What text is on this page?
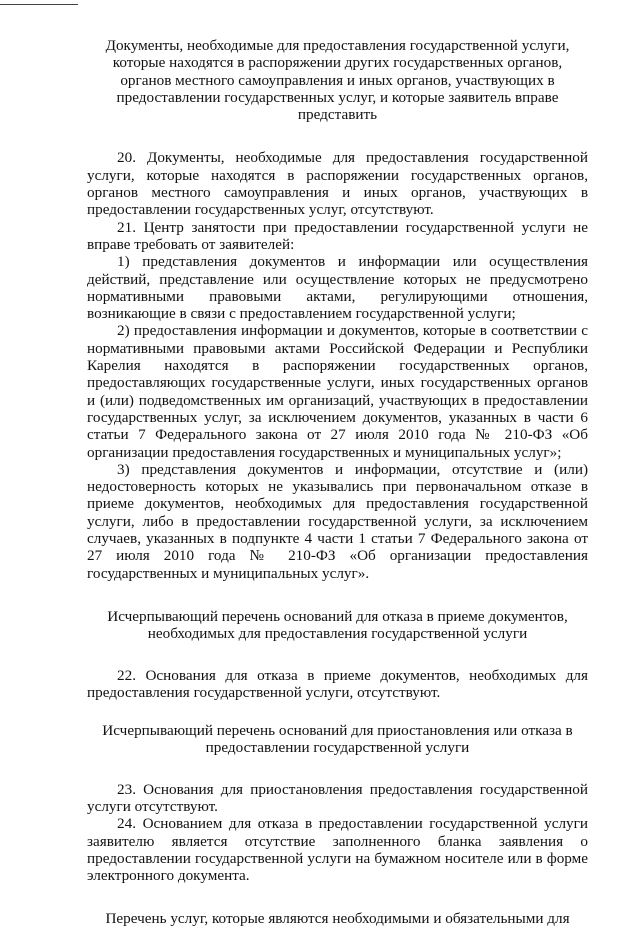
Документы, необходимые для предоставления государственной услуги, которые находятся в распоряжении других государственных органов, органов местного самоуправления и иных органов, участвующих в предоставлении государственных услуг, и которые заявитель вправе представить

20. Документы, необходимые для предоставления государственной услуги, которые находятся в распоряжении государственных органов, органов местного самоуправления и иных органов, участвующих в предоставлении государственных услуг, отсутствуют.

21. Центр занятости при предоставлении государственной услуги не вправе требовать от заявителей:

1) представления документов и информации или осуществления действий, представление или осуществление которых не предусмотрено нормативными правовыми актами, регулирующими отношения, возникающие в связи с предоставлением государственной услуги;

2) предоставления информации и документов, которые в соответствии с нормативными правовыми актами Российской Федерации и Республики Карелия находятся в распоряжении государственных органов, предоставляющих государственные услуги, иных государственных органов и (или) подведомственных им организаций, участвующих в предоставлении государственных услуг, за исключением документов, указанных в части 6 статьи 7 Федерального закона от 27 июля 2010 года № 210-ФЗ «Об организации предоставления государственных и муниципальных услуг»;

3) представления документов и информации, отсутствие и (или) недостоверность которых не указывались при первоначальном отказе в приеме документов, необходимых для предоставления государственной услуги, либо в предоставлении государственной услуги, за исключением случаев, указанных в подпункте 4 части 1 статьи 7 Федерального закона от 27 июля 2010 года № 210-ФЗ «Об организации предоставления государственных и муниципальных услуг».

Исчерпывающий перечень оснований для отказа в приеме документов, необходимых для предоставления государственной услуги

22. Основания для отказа в приеме документов, необходимых для предоставления государственной услуги, отсутствуют.

Исчерпывающий перечень оснований для приостановления или отказа в предоставлении государственной услуги

23. Основания для приостановления предоставления государственной услуги отсутствуют.

24. Основанием для отказа в предоставлении государственной услуги заявителю является отсутствие заполненного бланка заявления о предоставлении государственной услуги на бумажном носителе или в форме электронного документа.

Перечень услуг, которые являются необходимыми и обязательными для
